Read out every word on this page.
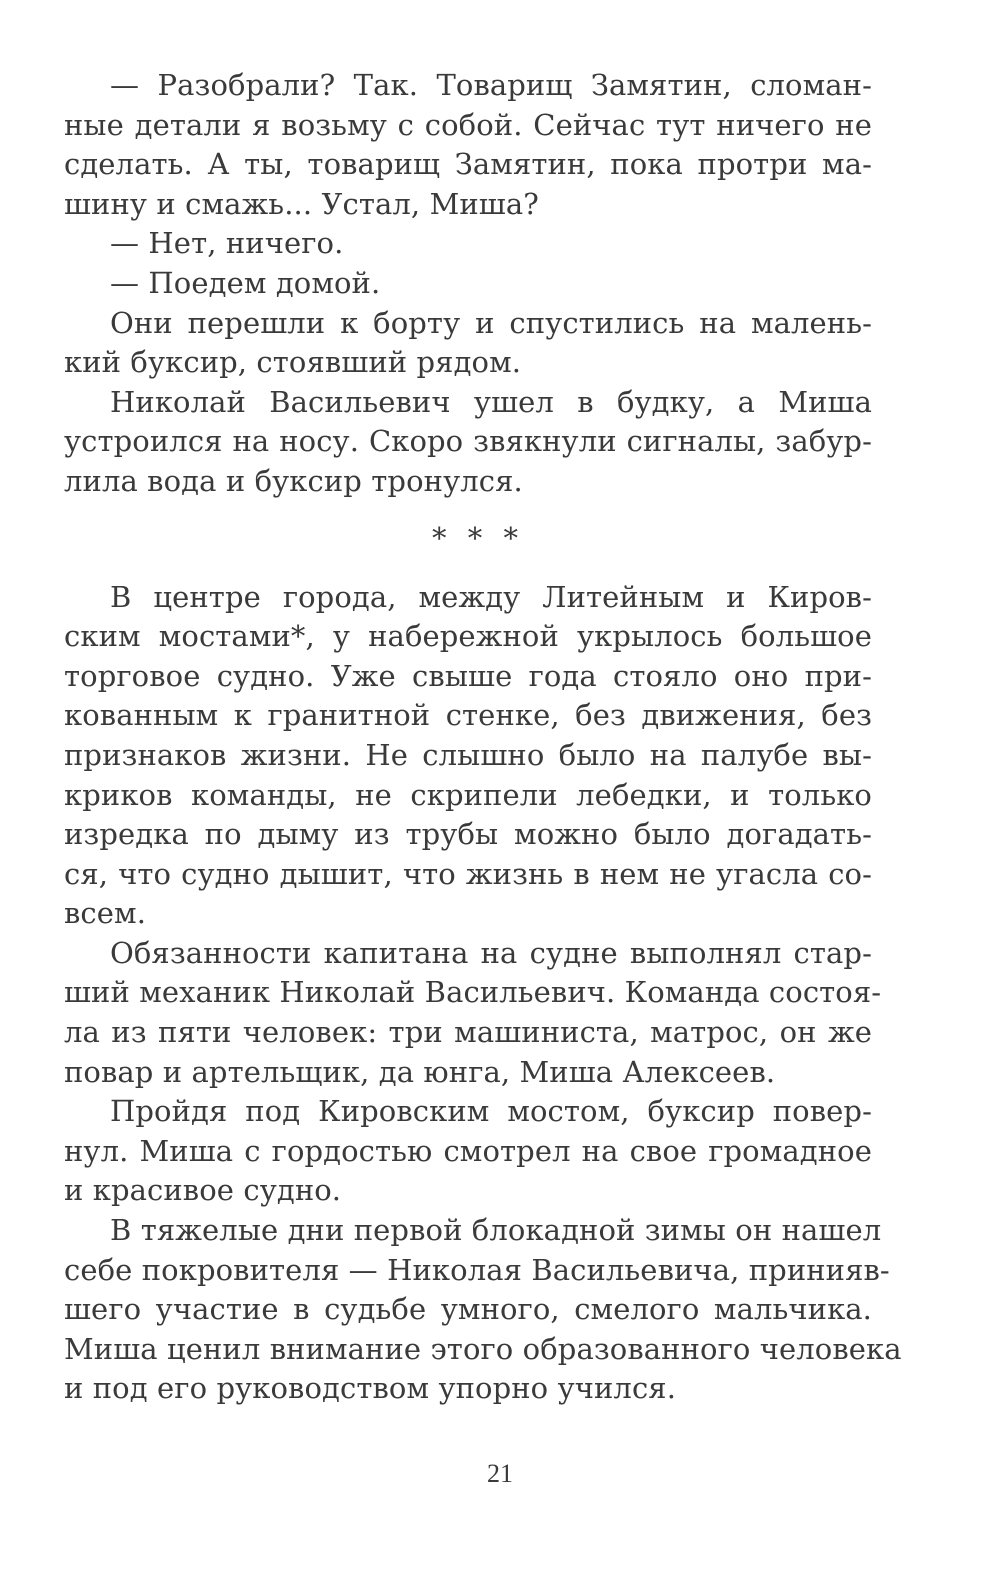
— Разобрали? Так. Товарищ Замятин, сломан-
ные детали я возьму с собой. Сейчас тут ничего не
сделать. А ты, товарищ Замятин, пока протри ма-
шину и смажь... Устал, Миша?
— Нет, ничего.
— Поедем домой.
Они перешли к борту и спустились на малень-
кий буксир, стоявший рядом.
Николай Васильевич ушел в будку, а Миша
устроился на носу. Скоро звякнули сигналы, забур-
лила вода и буксир тронулся.
* * *
В центре города, между Литейным и Киров-
ским мостами*, у набережной укрылось большое
торговое судно. Уже свыше года стояло оно при-
кованным к гранитной стенке, без движения, без
признаков жизни. Не слышно было на палубе вы-
криков команды, не скрипели лебедки, и только
изредка по дыму из трубы можно было догадать-
ся, что судно дышит, что жизнь в нем не угасла со-
всем.
Обязанности капитана на судне выполнял стар-
ший механик Николай Васильевич. Команда состоя-
ла из пяти человек: три машиниста, матрос, он же
повар и артельщик, да юнга, Миша Алексеев.
Пройдя под Кировским мостом, буксир повер-
нул. Миша с гордостью смотрел на свое громадное
и красивое судно.
В тяжелые дни первой блокадной зимы он нашел
себе покровителя — Николая Васильевича, принияв-
шего участие в судьбе умного, смелого мальчика.
Миша ценил внимание этого образованного человека
и под его руководством упорно учился.
21
